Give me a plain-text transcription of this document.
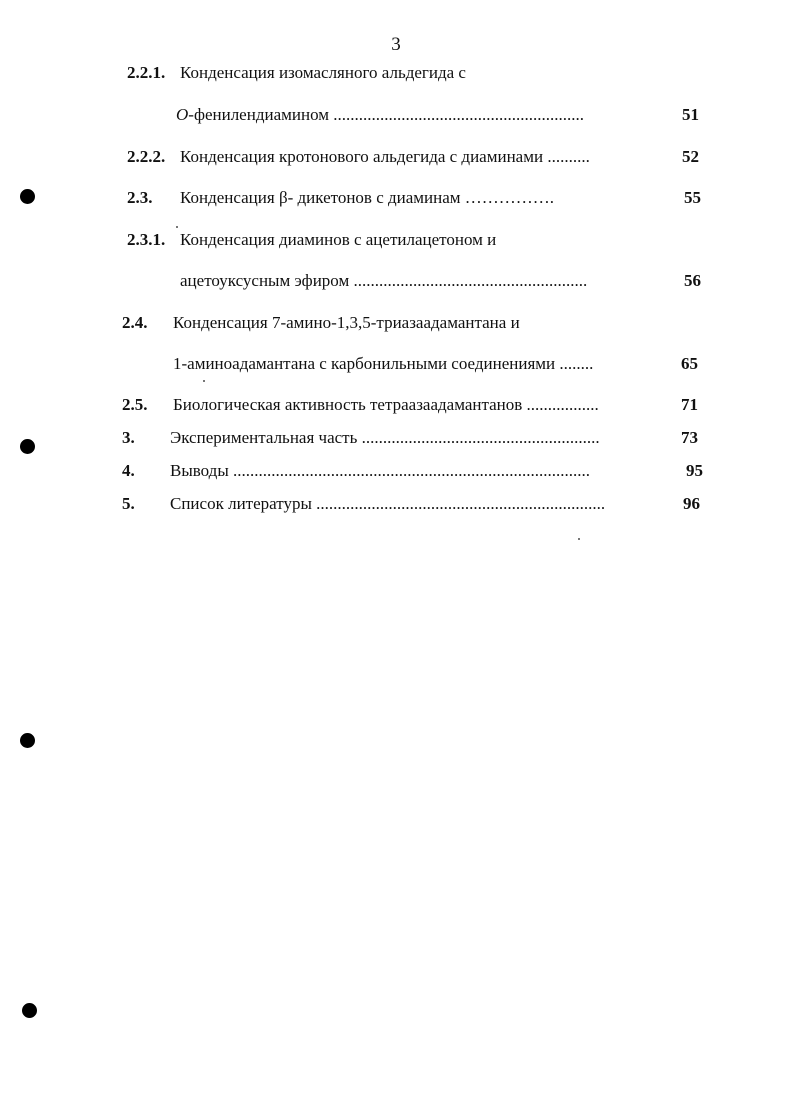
3
2.2.1. Конденсация изомасляного альдегида с
О-фенилендиамином ...........................................................	51
2.2.2. Конденсация кротонового альдегида с диаминами ..........	52
2.3. Конденсация β- дикетонов с диаминам …………….	55
2.3.1. Конденсация диаминов с ацетилацетоном и
ацетоуксусным эфиром .......................................................	56
2.4. Конденсация 7-амино-1,3,5-триазаадамантана и
1-аминоадамантана с карбонильными соединениями ........	65
2.5. Биологическая активность тетраазаадамантанов .................	71
3. Экспериментальная часть ........................................................	73
4. Выводы ....................................................................................	95
5. Список литературы ....................................................................	96
